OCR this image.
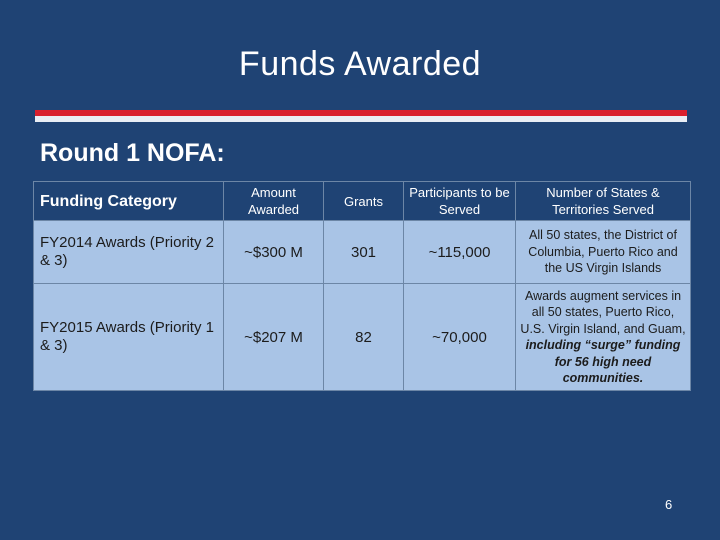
Funds Awarded
Round 1 NOFA:
Funding Category	Amount Awarded	Grants	Participants to be Served	Number of States & Territories Served
FY2014 Awards (Priority 2 & 3)	~$300 M	301	~115,000	All 50 states, the District of Columbia, Puerto Rico and the US Virgin Islands
FY2015 Awards (Priority 1 & 3)	~$207 M	82	~70,000	Awards augment services in all 50 states, Puerto Rico, U.S. Virgin Island, and Guam, including “surge” funding for 56 high need communities.
6
